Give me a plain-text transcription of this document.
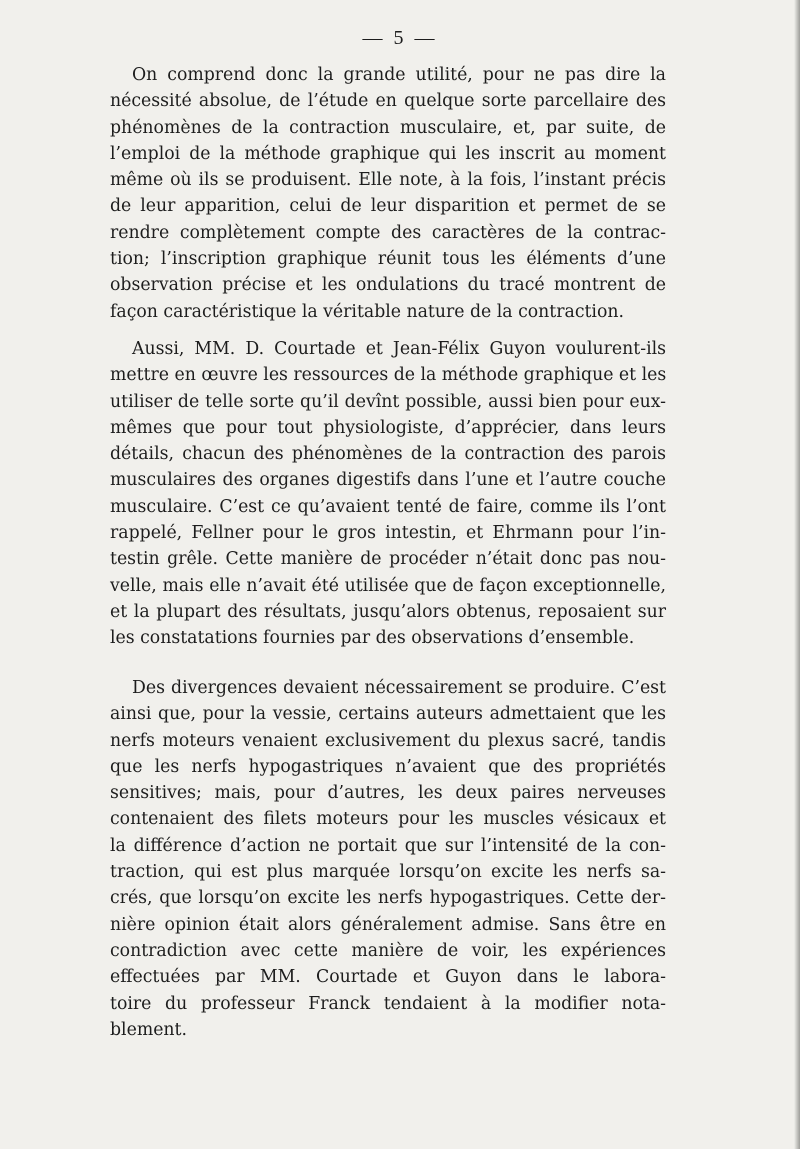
— 5 —
On comprend donc la grande utilité, pour ne pas dire la
nécessité absolue, de l’étude en quelque sorte parcellaire des
phénomènes de la contraction musculaire, et, par suite, de
l’emploi de la méthode graphique qui les inscrit au moment
même où ils se produisent. Elle note, à la fois, l’instant précis
de leur apparition, celui de leur disparition et permet de se
rendre complètement compte des caractères de la contrac-
tion; l’inscription graphique réunit tous les éléments d’une
observation précise et les ondulations du tracé montrent de
façon caractéristique la véritable nature de la contraction.
Aussi, MM. D. Courtade et Jean-Félix Guyon voulurent-ils
mettre en œuvre les ressources de la méthode graphique et les
utiliser de telle sorte qu’il devînt possible, aussi bien pour eux-
mêmes que pour tout physiologiste, d’apprécier, dans leurs
détails, chacun des phénomènes de la contraction des parois
musculaires des organes digestifs dans l’une et l’autre couche
musculaire. C’est ce qu’avaient tenté de faire, comme ils l’ont
rappelé, Fellner pour le gros intestin, et Ehrmann pour l’in-
testin grêle. Cette manière de procéder n’était donc pas nou-
velle, mais elle n’avait été utilisée que de façon exceptionnelle,
et la plupart des résultats, jusqu’alors obtenus, reposaient sur
les constatations fournies par des observations d’ensemble.
Des divergences devaient nécessairement se produire. C’est
ainsi que, pour la vessie, certains auteurs admettaient que les
nerfs moteurs venaient exclusivement du plexus sacré, tandis
que les nerfs hypogastriques n’avaient que des propriétés
sensitives; mais, pour d’autres, les deux paires nerveuses
contenaient des filets moteurs pour les muscles vésicaux et
la différence d’action ne portait que sur l’intensité de la con-
traction, qui est plus marquée lorsqu’on excite les nerfs sa-
crés, que lorsqu’on excite les nerfs hypogastriques. Cette der-
nière opinion était alors généralement admise. Sans être en
contradiction avec cette manière de voir, les expériences
effectuées par MM. Courtade et Guyon dans le labora-
toire du professeur Franck tendaient à la modifier nota-
blement.
